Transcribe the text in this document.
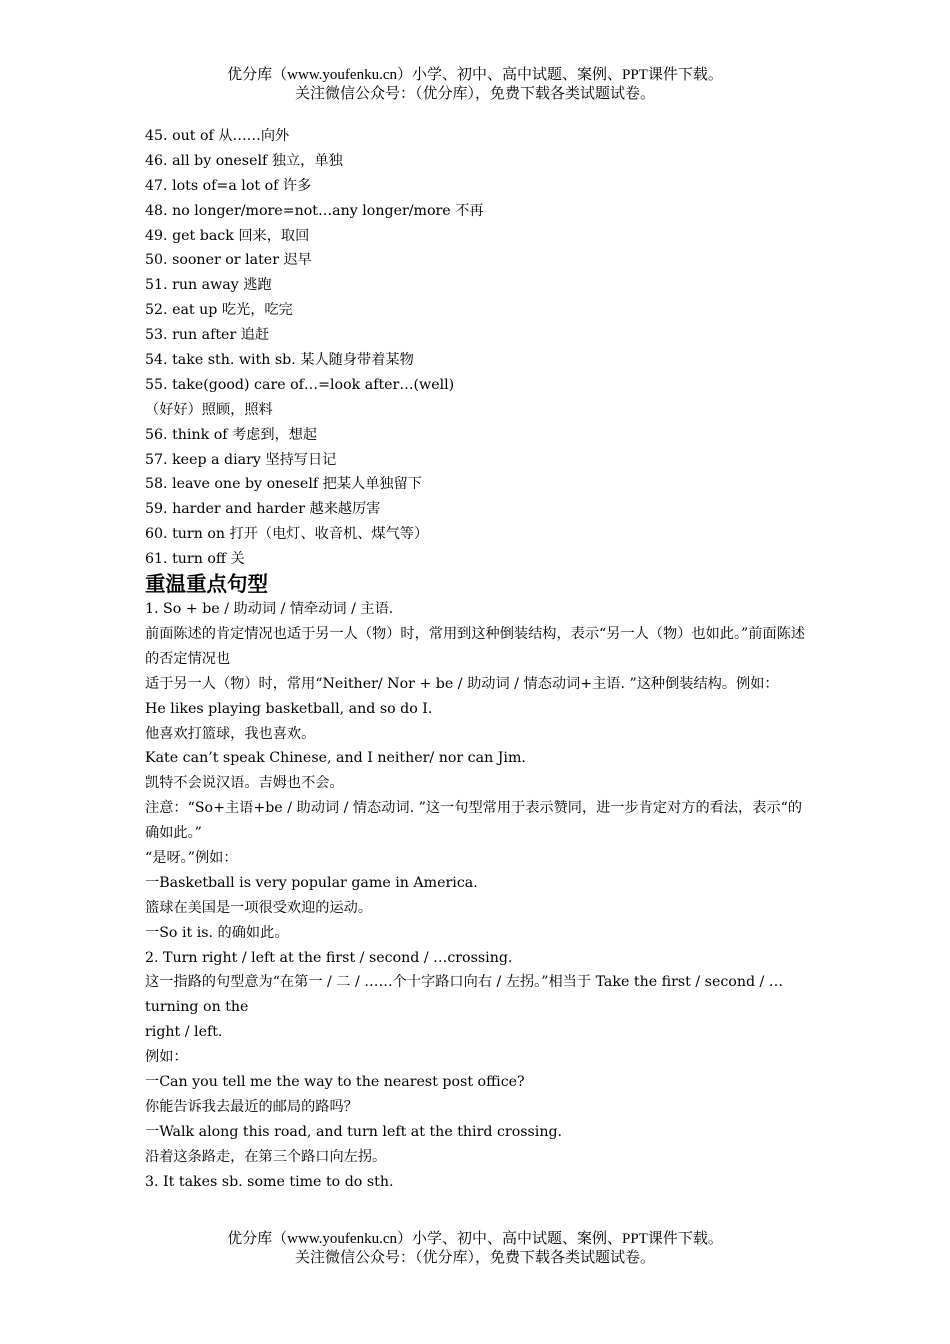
优分库（www.youfenku.cn）小学、初中、高中试题、案例、PPT课件下载。
关注微信公众号：（优分库），免费下载各类试题试卷。
45. out of 从……向外
46. all by oneself 独立，单独
47. lots of=a lot of 许多
48. no longer/more=not…any longer/more 不再
49. get back 回来，取回
50. sooner or later 迟早
51. run away 逃跑
52. eat up 吃光，吃完
53. run after 追赶
54. take sth. with sb. 某人随身带着某物
55. take(good) care of…=look after…(well)
（好好）照顾，照料
56. think of 考虑到，想起
57. keep a diary 坚持写日记
58. leave one by oneself 把某人单独留下
59. harder and harder 越来越厉害
60. turn on 打开（电灯、收音机、煤气等）
61. turn off 关
重温重点句型
1. So + be / 助动词 / 情牵动词 / 主语.
前面陈述的肯定情况也适于另一人（物）时，常用到这种倒装结构，表示“另一人（物）也如此。”前面陈述的否定情况也
适于另一人（物）时，常用“Neither/ Nor + be / 助动词 / 情态动词+主语. ”这种倒装结构。例如：
He likes playing basketball, and so do I.
他喜欢打篮球，我也喜欢。
Kate can’t speak Chinese, and I neither/ nor can Jim.
凯特不会说汉语。吉姆也不会。
注意：“So+主语+be / 助动词 / 情态动词. ”这一句型常用于表示赞同，进一步肯定对方的看法，表示“的确如此。”
“是呀。”例如：
一Basketball is very popular game in America.
篮球在美国是一项很受欢迎的运动。
一So it is. 的确如此。
2. Turn right / left at the first / second / …crossing.
这一指路的句型意为“在第一 / 二 / ……个十字路口向右 / 左拐。”相当于 Take the first / second / …turning on the
right / left.
例如：
一Can you tell me the way to the nearest post office?
你能告诉我去最近的邮局的路吗？
一Walk along this road, and turn left at the third crossing.
沿着这条路走，在第三个路口向左拐。
3. It takes sb. some time to do sth.
优分库（www.youfenku.cn）小学、初中、高中试题、案例、PPT课件下载。
关注微信公众号：（优分库），免费下载各类试题试卷。
